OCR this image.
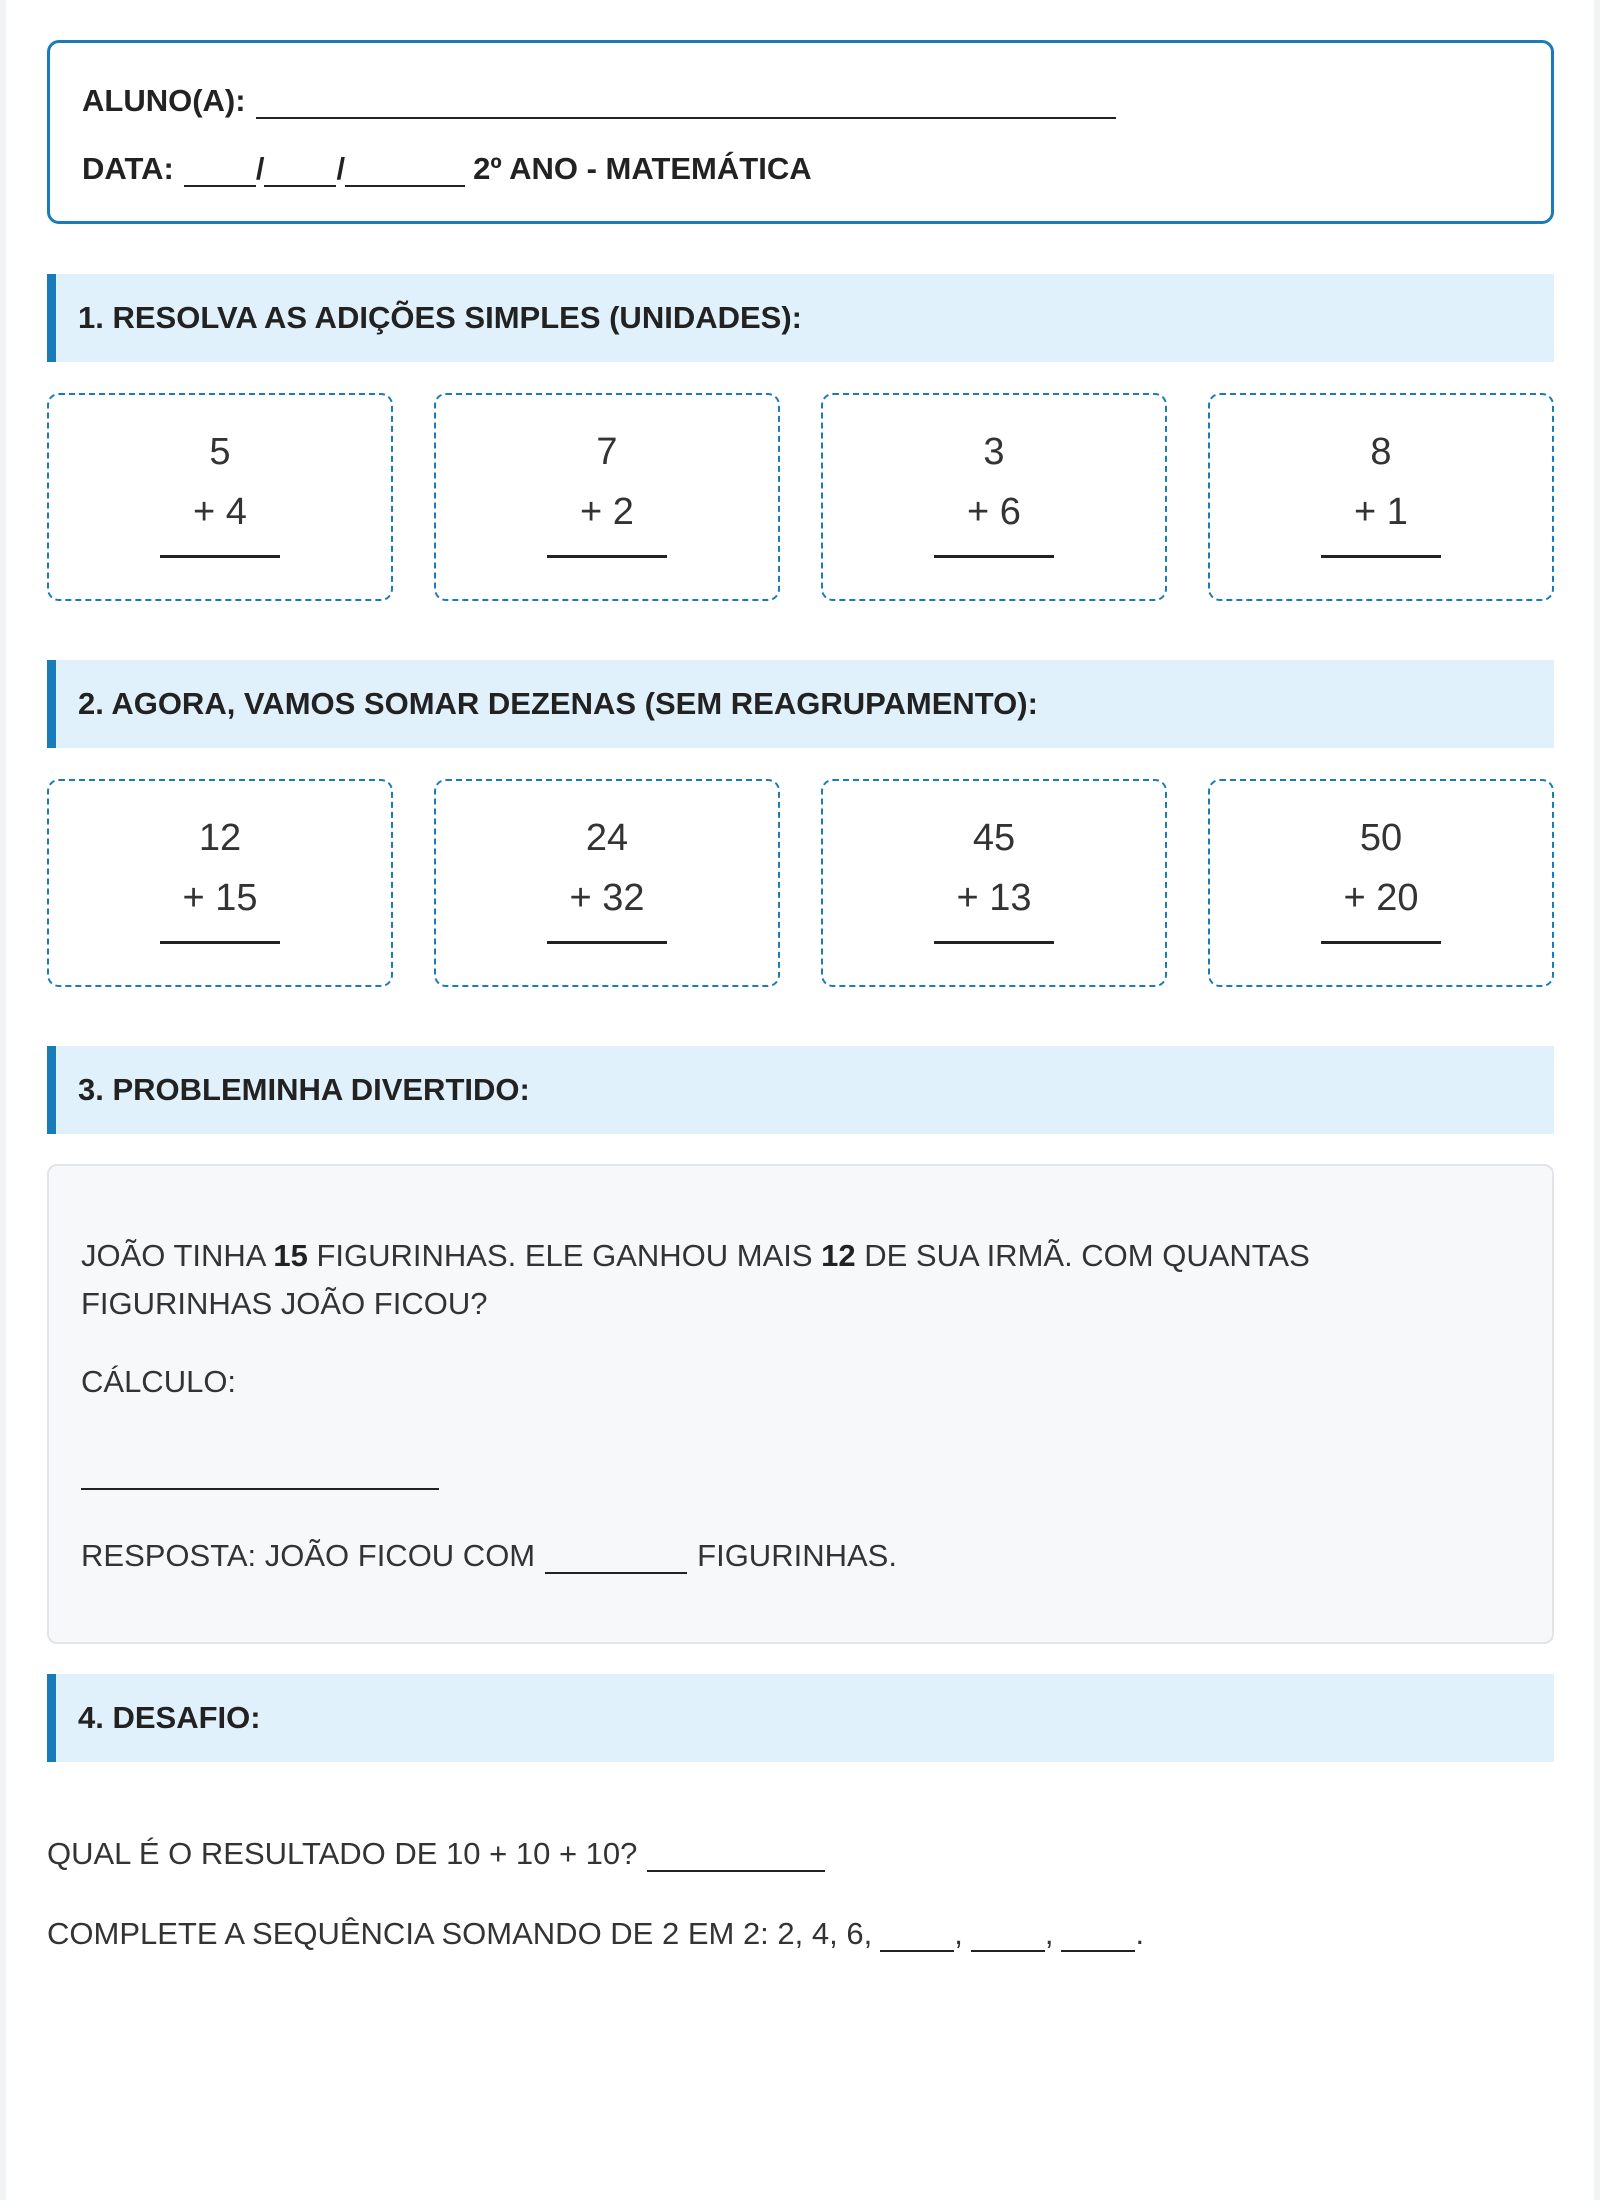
ALUNO(A):
DATA:	/ /	2º ANO - MATEMÁTICA
1. RESOLVA AS ADIÇÕES SIMPLES (UNIDADES):
5
+ 4
7
+ 2
3
+ 6
8
+ 1
2. AGORA, VAMOS SOMAR DEZENAS (SEM REAGRUPAMENTO):
12
+ 15
24
+ 32
45
+ 13
50
+ 20
3. PROBLEMINHA DIVERTIDO:
JOÃO TINHA 15 FIGURINHAS. ELE GANHOU MAIS 12 DE SUA IRMÃ. COM QUANTAS FIGURINHAS JOÃO FICOU?
CÁLCULO:
RESPOSTA: JOÃO FICOU COM	FIGURINHAS.
4. DESAFIO:
QUAL É O RESULTADO DE 10 + 10 + 10?
COMPLETE A SEQUÊNCIA SOMANDO DE 2 EM 2: 2, 4, 6,	,	,	.
